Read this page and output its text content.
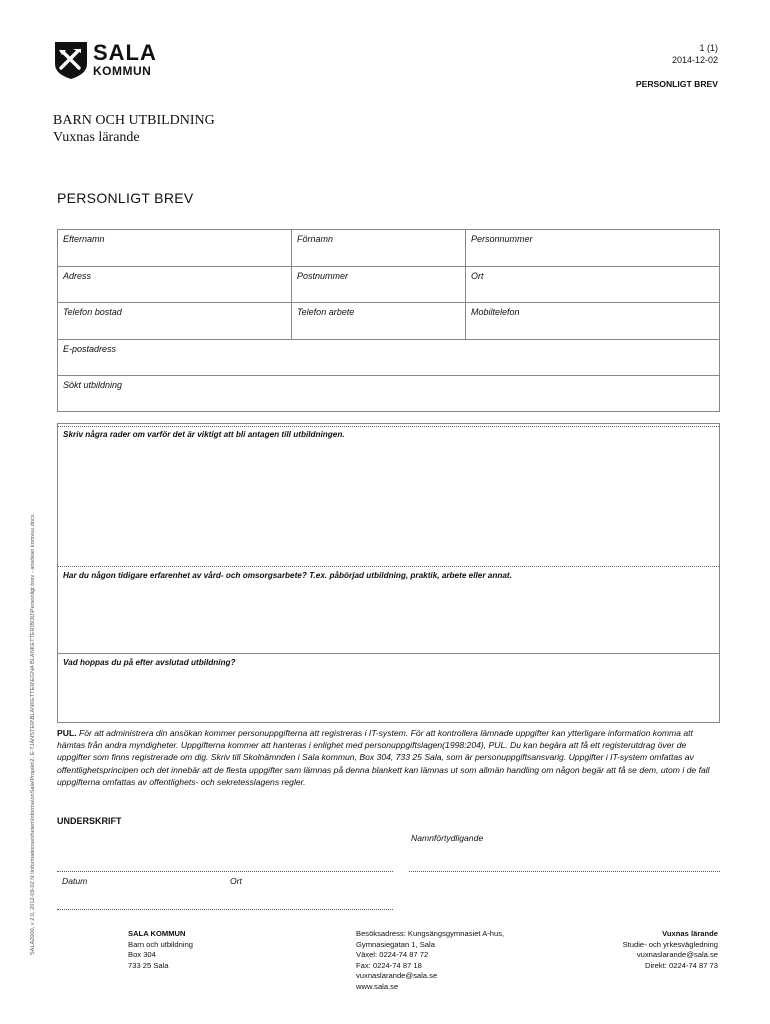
SALA
KOMMUN
1 (1)
2014-12-02
PERSONLIGT BREV
BARN OCH UTBILDNING
Vuxnas lärande
PERSONLIGT BREV
Efternamn	Förnamn	Personnummer
Adress	Postnummer	Ort
Telefon bostad	Telefon arbete	Mobiltelefon
E-postadress
Sökt utbildning
Skriv några rader om varför det är viktigt att bli antagen till utbildningen.
Har du någon tidigare erfarenhet av vård- och omsorgsarbete? T.ex. påbörjad utbildning, praktik, arbete eller annat.
Vad hoppas du på efter avslutad utbildning?
PUL. För att administrera din ansökan kommer personuppgifterna att registreras i IT-system. För att kontrollera lämnade uppgifter kan ytterligare information komma att hämtas från andra myndigheter. Uppgifterna kommer att hanteras i enlighet med personuppgiftslagen(1998:204), PUL. Du kan begära att få ett registerutdrag över de uppgifter som finns registrerade om dig. Skriv till Skolnämnden i Sala kommun, Box 304, 733 25 Sala, som är personuppgiftsansvarig. Uppgifter i IT-system omfattas av offentlighetsprincipen och det innebär att de flesta uppgifter sam lämnas på denna blankett kan lämnas ut som allmän handling om någon begär att få se dem, utom i de fall uppgifterna omfattas av offentlighets- och sekretesslagens regler.
UNDERSKRIFT
Namnförtydligande
Datum	Ort
SALA KOMMUN
Barn och utbildning
Box 304
733 25 Sala
Besöksadress: Kungsängsgymnasiet A-hus,
Gymnasiegatan 1, Sala
Växel: 0224-74 87 72
Fax: 0224-74 87 18
vuxnaslarande@sala.se
www.sala.se
Vuxnas lärande
Studie- och yrkesvägledning
vuxnaslarande@sala.se
Direkt: 0224-74 87 73
SALA2000, v 2.0, 2012-09-02 N:\Informationsenheten\Informa\onSala\Projekt\2. E-TJÄNSTER\BLANKETTER\EGNA BLANKETTER\BOU\Personligt brev - ansökan komvux.docx
